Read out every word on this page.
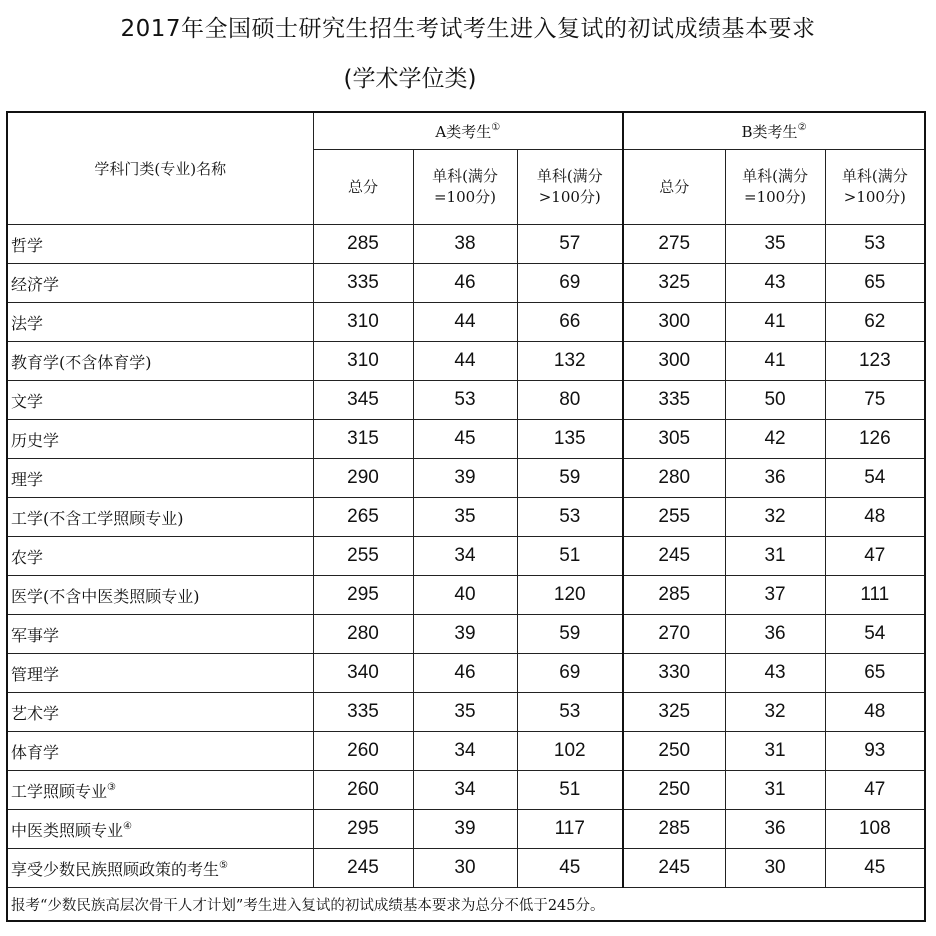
2017年全国硕士研究生招生考试考生进入复试的初试成绩基本要求
(学术学位类)
学科门类(专业)名称	A类考生①			B类考生②
	总分	单科(满分=100分)	单科(满分>100分)	总分	单科(满分=100分)	单科(满分>100分)
哲学	285	38	57	275	35	53
经济学	335	46	69	325	43	65
法学	310	44	66	300	41	62
教育学(不含体育学)	310	44	132	300	41	123
文学	345	53	80	335	50	75
历史学	315	45	135	305	42	126
理学	290	39	59	280	36	54
工学(不含工学照顾专业)	265	35	53	255	32	48
农学	255	34	51	245	31	47
医学(不含中医类照顾专业)	295	40	120	285	37	111
军事学	280	39	59	270	36	54
管理学	340	46	69	330	43	65
艺术学	335	35	53	325	32	48
体育学	260	34	102	250	31	93
工学照顾专业③	260	34	51	250	31	47
中医类照顾专业④	295	39	117	285	36	108
享受少数民族照顾政策的考生⑤	245	30	45	245	30	45
报考“少数民族高层次骨干人才计划”考生进入复试的初试成绩基本要求为总分不低于245分。						
